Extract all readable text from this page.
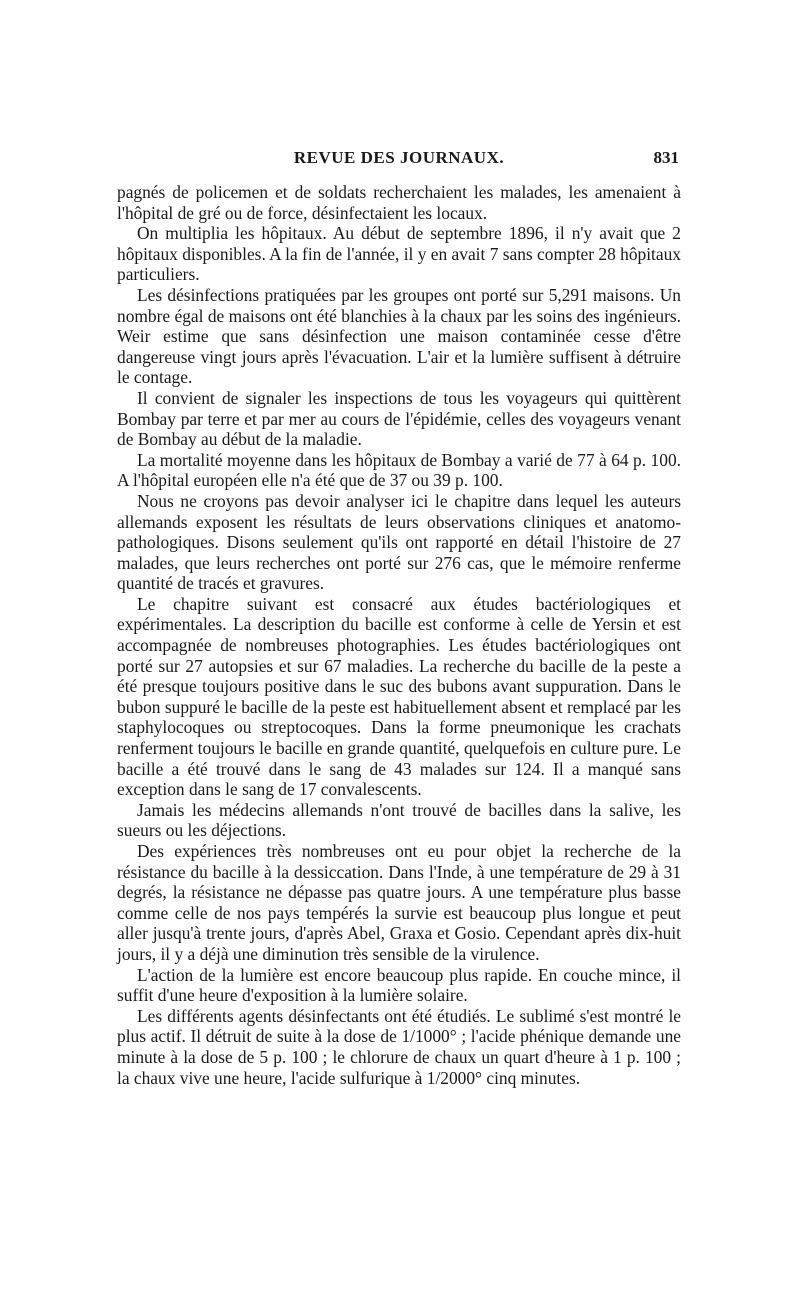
REVUE DES JOURNAUX.	831

pagnés de policemen et de soldats recherchaient les malades, les amenaient à l'hôpital de gré ou de force, désinfectaient les locaux.

On multiplia les hôpitaux. Au début de septembre 1896, il n'y avait que 2 hôpitaux disponibles. A la fin de l'année, il y en avait 7 sans compter 28 hôpitaux particuliers.

Les désinfections pratiquées par les groupes ont porté sur 5,291 maisons. Un nombre égal de maisons ont été blanchies à la chaux par les soins des ingénieurs. Weir estime que sans désinfection une maison contaminée cesse d'être dangereuse vingt jours après l'évacuation. L'air et la lumière suffisent à détruire le contage.

Il convient de signaler les inspections de tous les voyageurs qui quittèrent Bombay par terre et par mer au cours de l'épidémie, celles des voyageurs venant de Bombay au début de la maladie.

La mortalité moyenne dans les hôpitaux de Bombay a varié de 77 à 64 p. 100. A l'hôpital européen elle n'a été que de 37 ou 39 p. 100.

Nous ne croyons pas devoir analyser ici le chapitre dans lequel les auteurs allemands exposent les résultats de leurs observations cliniques et anatomo-pathologiques. Disons seulement qu'ils ont rapporté en détail l'histoire de 27 malades, que leurs recherches ont porté sur 276 cas, que le mémoire renferme quantité de tracés et gravures.

Le chapitre suivant est consacré aux études bactériologiques et expérimentales. La description du bacille est conforme à celle de Yersin et est accompagnée de nombreuses photographies. Les études bactériologiques ont porté sur 27 autopsies et sur 67 maladies. La recherche du bacille de la peste a été presque toujours positive dans le suc des bubons avant suppuration. Dans le bubon suppuré le bacille de la peste est habituellement absent et remplacé par les staphylocoques ou streptocoques. Dans la forme pneumonique les crachats renferment toujours le bacille en grande quantité, quelquefois en culture pure. Le bacille a été trouvé dans le sang de 43 malades sur 124. Il a manqué sans exception dans le sang de 17 convalescents.

Jamais les médecins allemands n'ont trouvé de bacilles dans la salive, les sueurs ou les déjections.

Des expériences très nombreuses ont eu pour objet la recherche de la résistance du bacille à la dessiccation. Dans l'Inde, à une température de 29 à 31 degrés, la résistance ne dépasse pas quatre jours. A une température plus basse comme celle de nos pays tempérés la survie est beaucoup plus longue et peut aller jusqu'à trente jours, d'après Abel, Graxa et Gosio. Cependant après dix-huit jours, il y a déjà une diminution très sensible de la virulence.

L'action de la lumière est encore beaucoup plus rapide. En couche mince, il suffit d'une heure d'exposition à la lumière solaire.

Les différents agents désinfectants ont été étudiés. Le sublimé s'est montré le plus actif. Il détruit de suite à la dose de 1/1000° ; l'acide phénique demande une minute à la dose de 5 p. 100 ; le chlorure de chaux un quart d'heure à 1 p. 100 ; la chaux vive une heure, l'acide sulfurique à 1/2000° cinq minutes.
